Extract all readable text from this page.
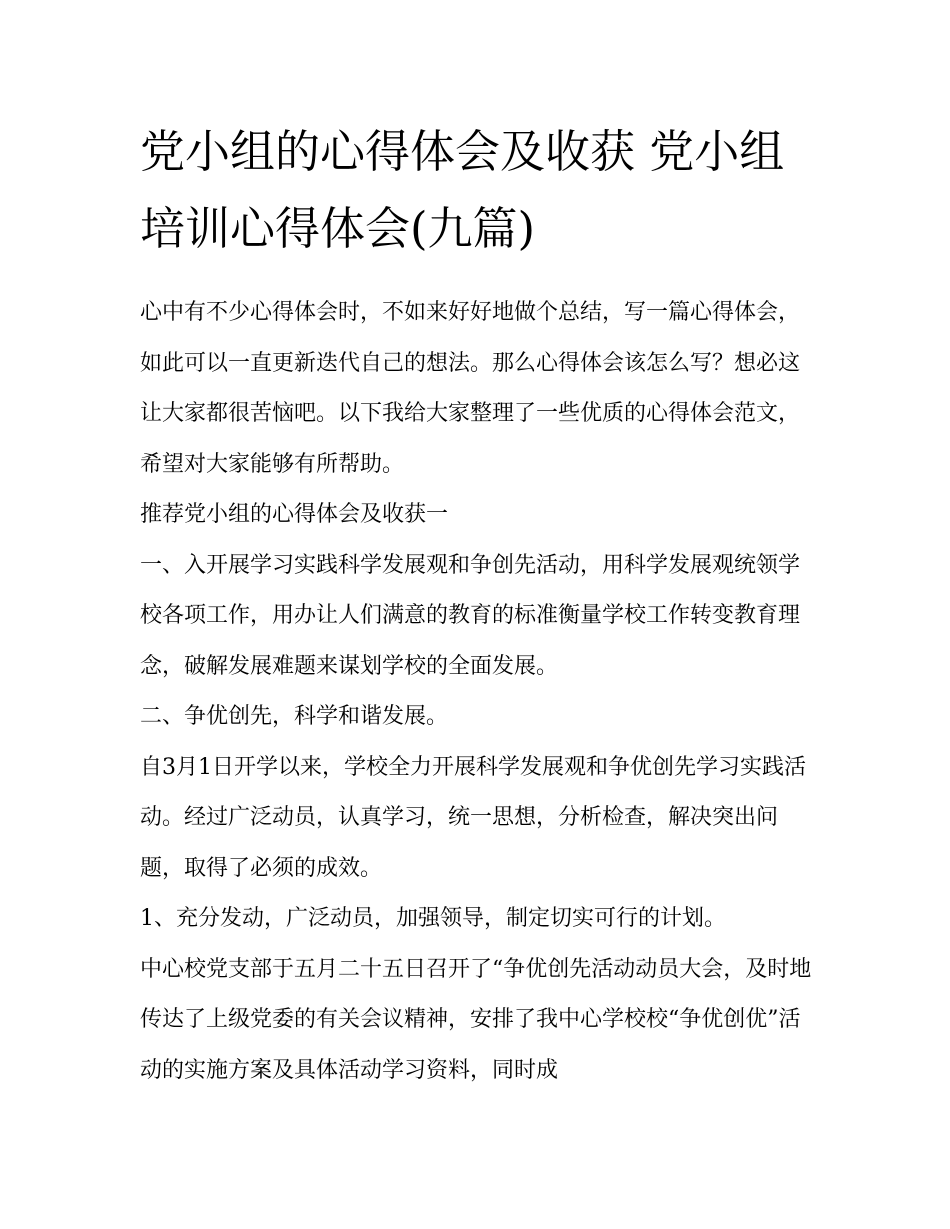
党小组的心得体会及收获 党小组培训心得体会(九篇)

心中有不少心得体会时，不如来好好地做个总结，写一篇心得体会，如此可以一直更新迭代自己的想法。那么心得体会该怎么写？想必这让大家都很苦恼吧。以下我给大家整理了一些优质的心得体会范文，希望对大家能够有所帮助。

推荐党小组的心得体会及收获一

一、入开展学习实践科学发展观和争创先活动，用科学发展观统领学校各项工作，用办让人们满意的教育的标准衡量学校工作转变教育理念，破解发展难题来谋划学校的全面发展。

二、争优创先，科学和谐发展。

自3月1日开学以来，学校全力开展科学发展观和争优创先学习实践活动。经过广泛动员，认真学习，统一思想，分析检查，解决突出问题，取得了必须的成效。

1、充分发动，广泛动员，加强领导，制定切实可行的计划。

中心校党支部于五月二十五日召开了“争优创先活动动员大会，及时地传达了上级党委的有关会议精神，安排了我中心学校校“争优创优”活动的实施方案及具体活动学习资料，同时成
